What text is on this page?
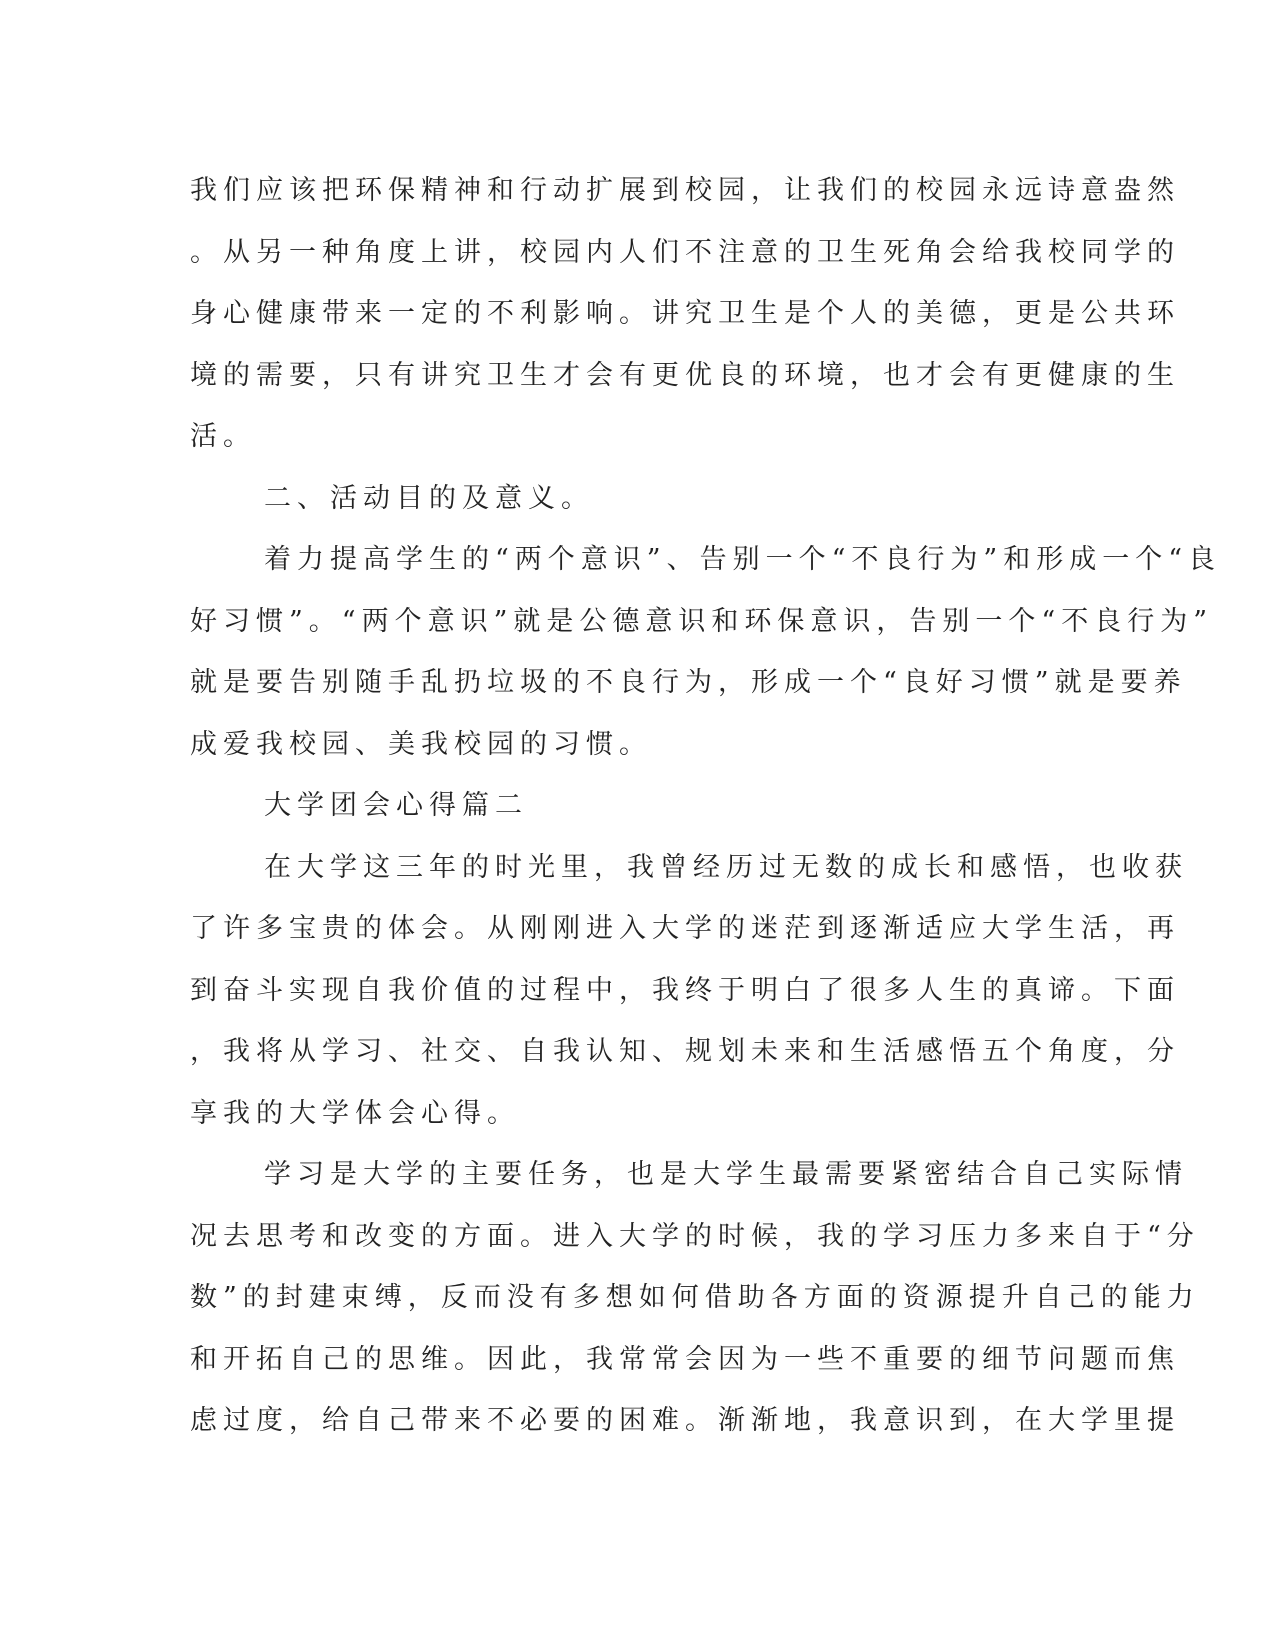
我们应该把环保精神和行动扩展到校园，让我们的校园永远诗意盎然
。从另一种角度上讲，校园内人们不注意的卫生死角会给我校同学的
身心健康带来一定的不利影响。讲究卫生是个人的美德，更是公共环
境的需要，只有讲究卫生才会有更优良的环境，也才会有更健康的生
活。
二、活动目的及意义。
着力提高学生的“两个意识”、告别一个“不良行为”和形成一个“良
好习惯”。“两个意识”就是公德意识和环保意识，告别一个“不良行为”
就是要告别随手乱扔垃圾的不良行为，形成一个“良好习惯”就是要养
成爱我校园、美我校园的习惯。
大学团会心得篇二
在大学这三年的时光里，我曾经历过无数的成长和感悟，也收获
了许多宝贵的体会。从刚刚进入大学的迷茫到逐渐适应大学生活，再
到奋斗实现自我价值的过程中，我终于明白了很多人生的真谛。下面
，我将从学习、社交、自我认知、规划未来和生活感悟五个角度，分
享我的大学体会心得。
学习是大学的主要任务，也是大学生最需要紧密结合自己实际情
况去思考和改变的方面。进入大学的时候，我的学习压力多来自于“分
数”的封建束缚，反而没有多想如何借助各方面的资源提升自己的能力
和开拓自己的思维。因此，我常常会因为一些不重要的细节问题而焦
虑过度，给自己带来不必要的困难。渐渐地，我意识到，在大学里提
